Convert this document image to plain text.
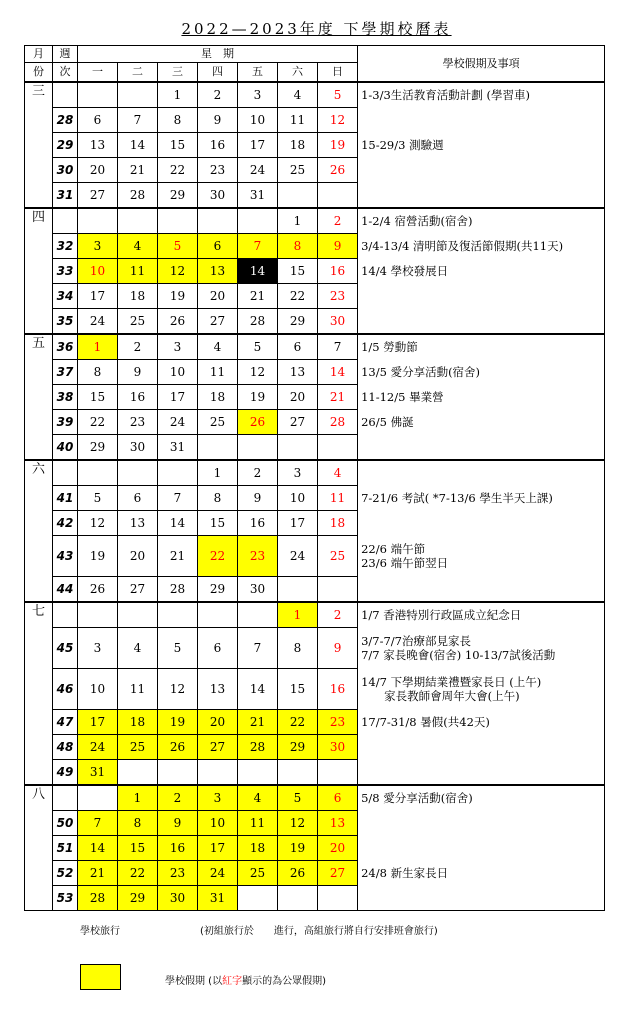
2022—2023年度 下學期校曆表
月	週	星　期							學校假期及事項
份	次	一	二	三	四	五	六	日	
三				1	2	3	4	5	1-3/3生活教育活動計劃 (學習車)

	28	6	7	8	9	10	11	12	
	29	13	14	15	16	17	18	19	15-29/3 測驗週

	30	20	21	22	23	24	25	26	
	31	27	28	29	30	31			
四							1	2	1-2/4 宿營活動(宿舍)

	32	3	4	5	6	7	8	9	3/4-13/4 清明節及復活節假期(共11天)

	33	10	11	12	13	14	15	16	14/4 學校發展日

	34	17	18	19	20	21	22	23	
	35	24	25	26	27	28	29	30	
五	36	1	2	3	4	5	6	7	1/5 勞動節

	37	8	9	10	11	12	13	14	13/5 愛分享活動(宿舍)

	38	15	16	17	18	19	20	21	11-12/5 畢業營

	39	22	23	24	25	26	27	28	26/5 佛誕

	40	29	30	31					
六					1	2	3	4	
	41	5	6	7	8	9	10	11	7-21/6 考試( *7-13/6 學生半天上課)

	42	12	13	14	15	16	17	18	
	43	19	20	21	22	23	24	25	22/6 端午節
23/6 端午節翌日

	44	26	27	28	29	30			
七							1	2	1/7 香港特別行政區成立紀念日

	45	3	4	5	6	7	8	9	3/7-7/7治療部見家長
7/7 家長晚會(宿舍) 10-13/7試後活動

	46	10	11	12	13	14	15	16	14/7 下學期結業禮暨家長日 (上午)
　　家長教師會周年大會(上午)

	47	17	18	19	20	21	22	23	17/7-31/8 暑假(共42天)

	48	24	25	26	27	28	29	30	
	49	31							
八			1	2	3	4	5	6	5/8 愛分享活動(宿舍)

	50	7	8	9	10	11	12	13	
	51	14	15	16	17	18	19	20	
	52	21	22	23	24	25	26	27	24/8 新生家長日

	53	28	29	30	31				
學校旅行	(初組旅行於　　進行，高組旅行將自行安排班會旅行)
學校假期 (以紅字顯示的為公眾假期)
